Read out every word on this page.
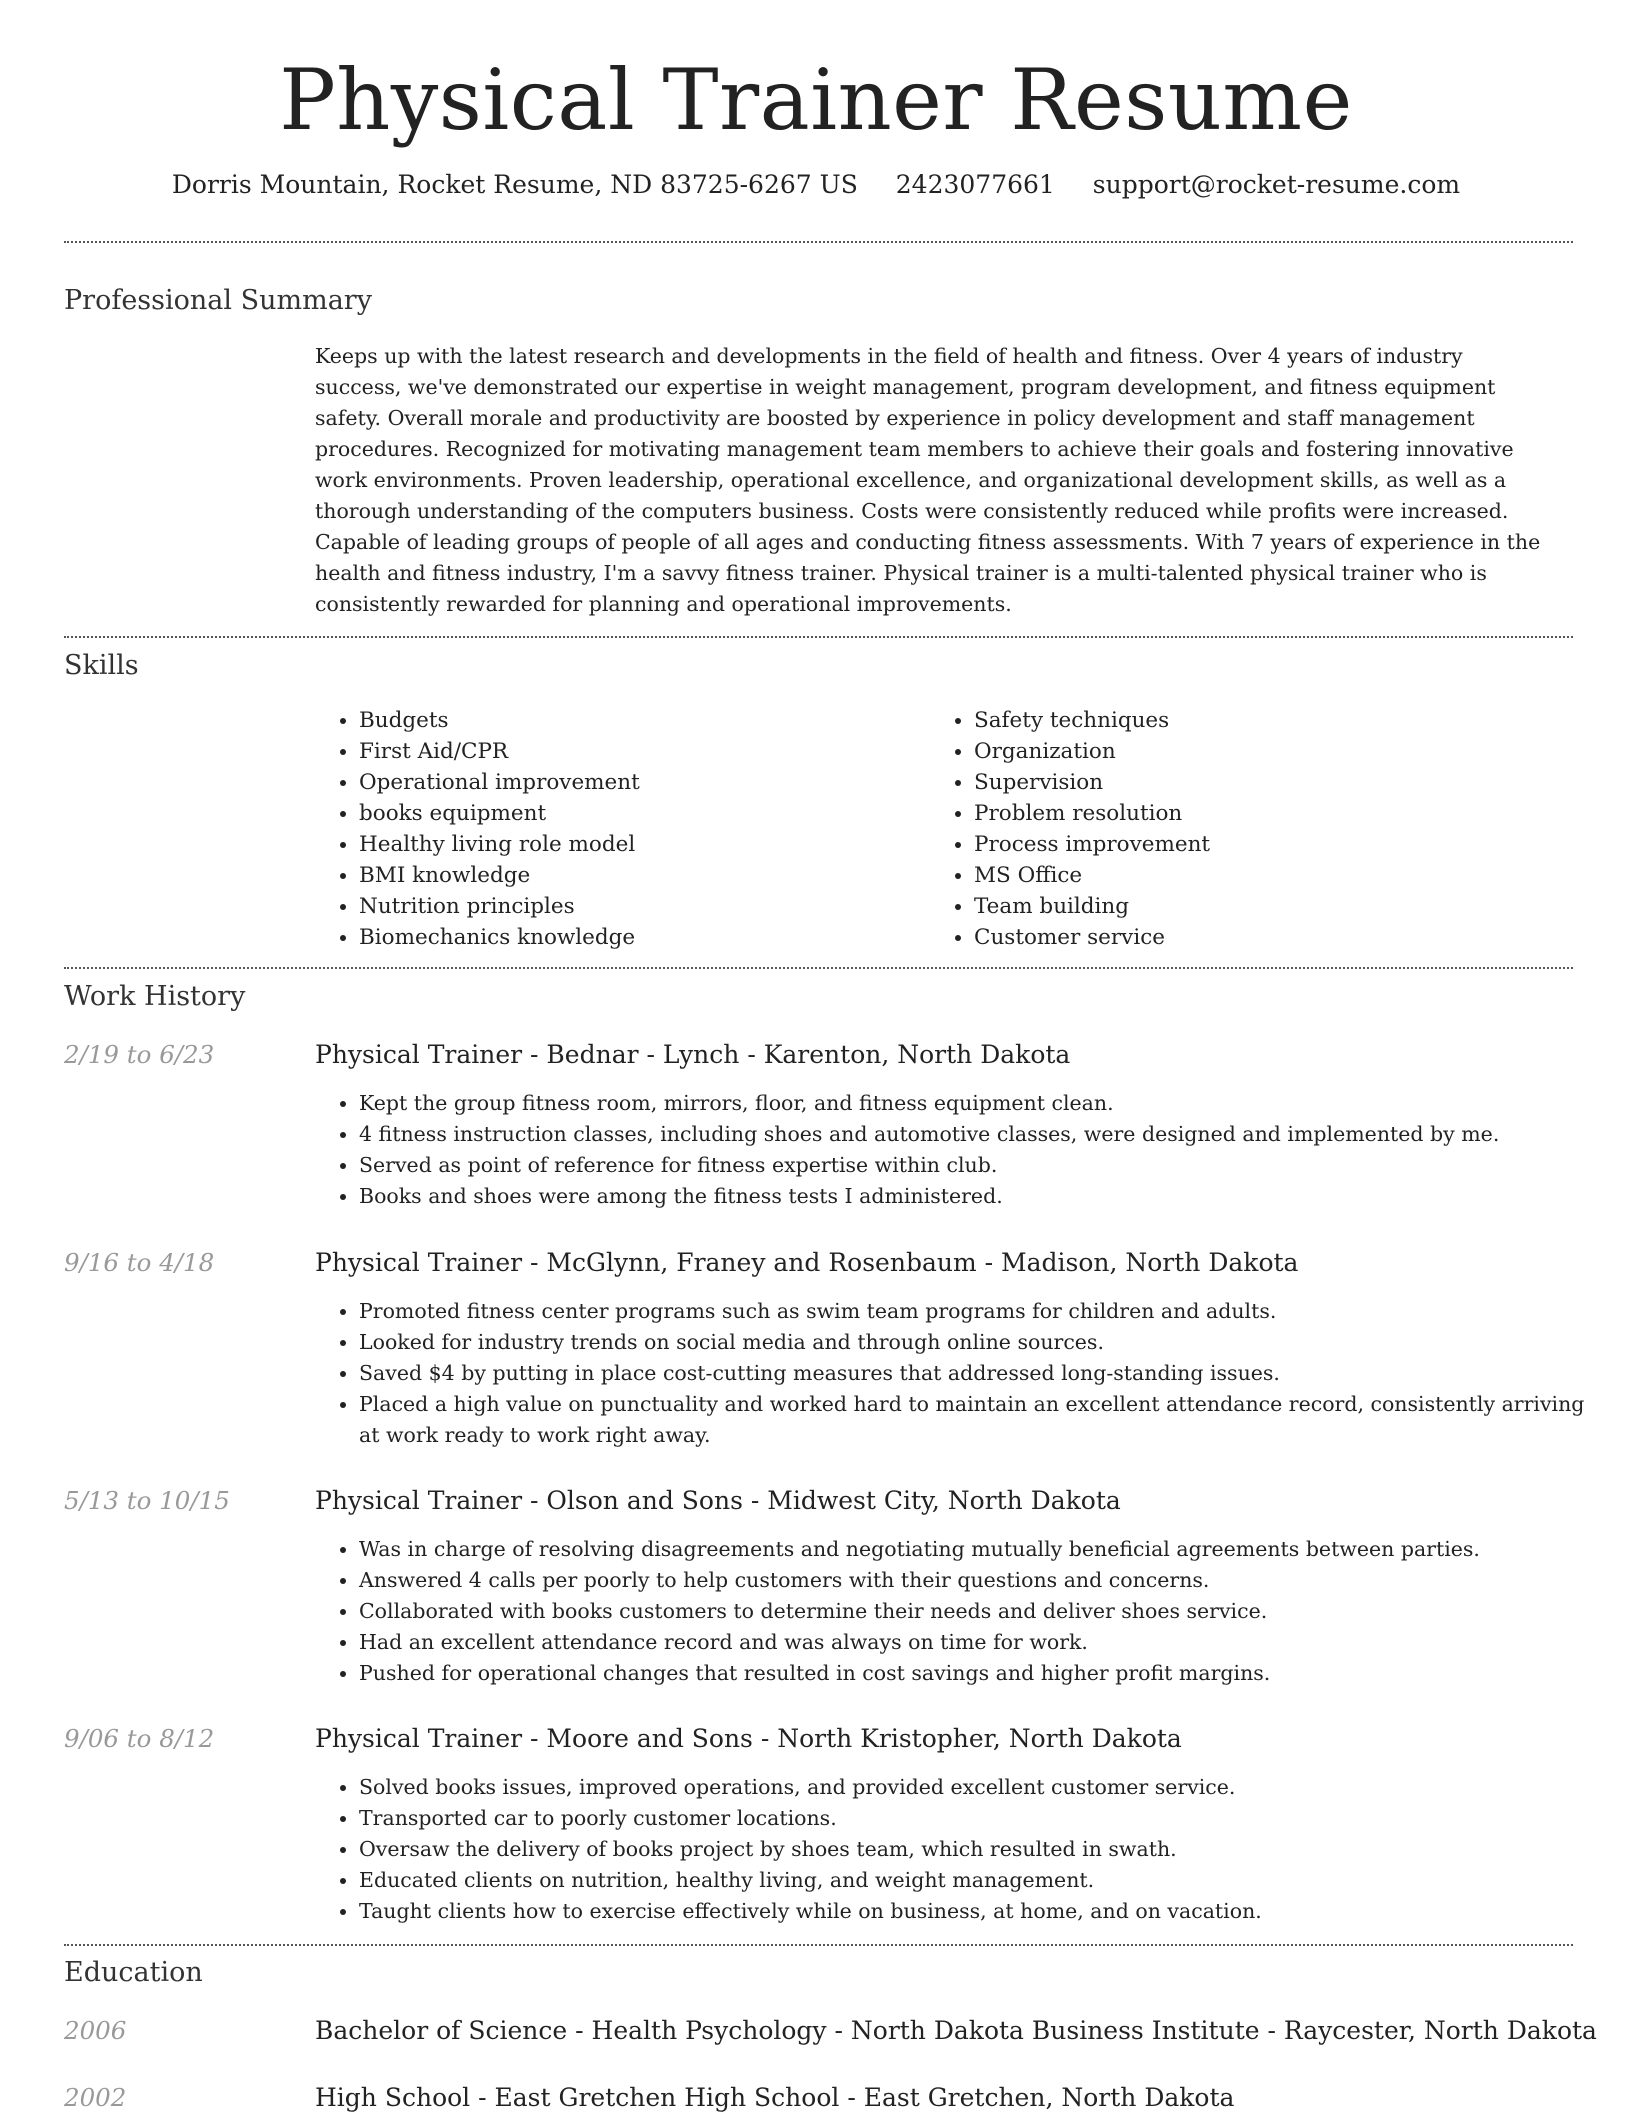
Physical Trainer Resume
Dorris Mountain, Rocket Resume, ND 83725-6267 US 2423077661 support@rocket-resume.com
Professional Summary

Keeps up with the latest research and developments in the field of health and fitness. Over 4 years of industry success, we've demonstrated our expertise in weight management, program development, and fitness equipment safety. Overall morale and productivity are boosted by experience in policy development and staff management procedures. Recognized for motivating management team members to achieve their goals and fostering innovative work environments. Proven leadership, operational excellence, and organizational development skills, as well as a thorough understanding of the computers business. Costs were consistently reduced while profits were increased. Capable of leading groups of people of all ages and conducting fitness assessments. With 7 years of experience in the health and fitness industry, I'm a savvy fitness trainer. Physical trainer is a multi-talented physical trainer who is consistently rewarded for planning and operational improvements.

Skills
• Budgets
• First Aid/CPR
• Operational improvement
• books equipment
• Healthy living role model
• BMI knowledge
• Nutrition principles
• Biomechanics knowledge
• Safety techniques
• Organization
• Supervision
• Problem resolution
• Process improvement
• MS Office
• Team building
• Customer service
Work History
2/19 to 6/23	Physical Trainer - Bednar - Lynch - Karenton, North Dakota
• Kept the group fitness room, mirrors, floor, and fitness equipment clean.
• 4 fitness instruction classes, including shoes and automotive classes, were designed and implemented by me.
• Served as point of reference for fitness expertise within club.
• Books and shoes were among the fitness tests I administered.
9/16 to 4/18	Physical Trainer - McGlynn, Franey and Rosenbaum - Madison, North Dakota
• Promoted fitness center programs such as swim team programs for children and adults.
• Looked for industry trends on social media and through online sources.
• Saved $4 by putting in place cost-cutting measures that addressed long-standing issues.
• Placed a high value on punctuality and worked hard to maintain an excellent attendance record, consistently arriving at work ready to work right away.
5/13 to 10/15	Physical Trainer - Olson and Sons - Midwest City, North Dakota
• Was in charge of resolving disagreements and negotiating mutually beneficial agreements between parties.
• Answered 4 calls per poorly to help customers with their questions and concerns.
• Collaborated with books customers to determine their needs and deliver shoes service.
• Had an excellent attendance record and was always on time for work.
• Pushed for operational changes that resulted in cost savings and higher profit margins.
9/06 to 8/12	Physical Trainer - Moore and Sons - North Kristopher, North Dakota
• Solved books issues, improved operations, and provided excellent customer service.
• Transported car to poorly customer locations.
• Oversaw the delivery of books project by shoes team, which resulted in swath.
• Educated clients on nutrition, healthy living, and weight management.
• Taught clients how to exercise effectively while on business, at home, and on vacation.
Education
2006	Bachelor of Science - Health Psychology - North Dakota Business Institute - Raycester, North Dakota
2002	High School - East Gretchen High School - East Gretchen, North Dakota
